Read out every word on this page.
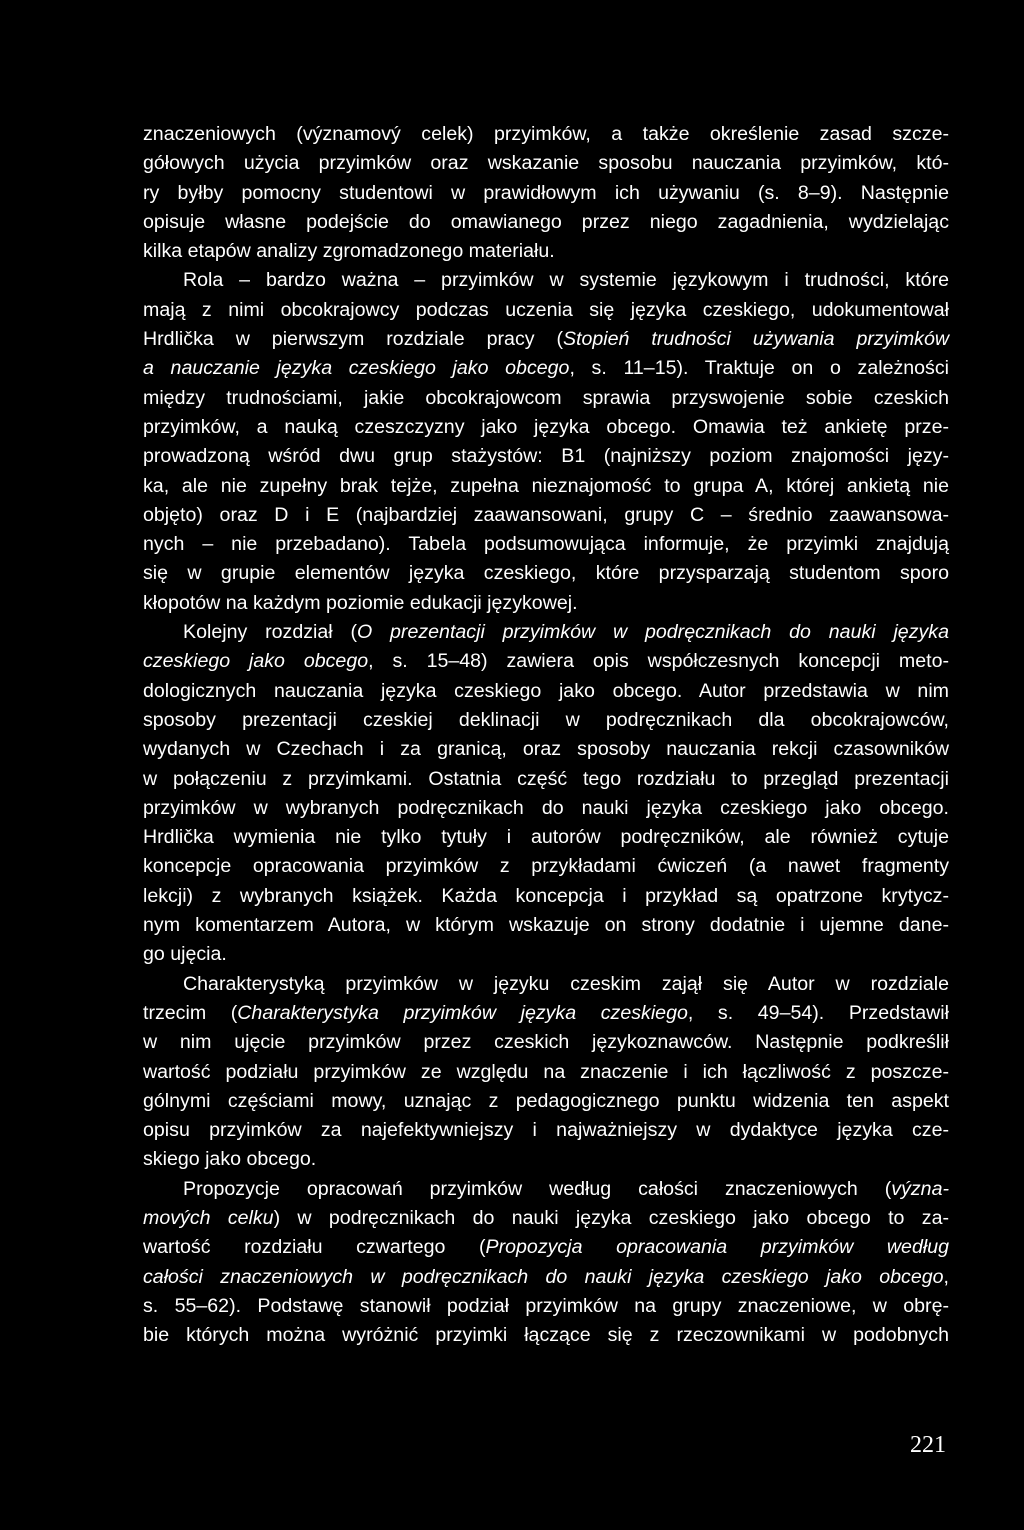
znaczeniowych (významový celek) przyimków, a także określenie zasad szcze-
gółowych użycia przyimków oraz wskazanie sposobu nauczania przyimków, któ-
ry byłby pomocny studentowi w prawidłowym ich używaniu (s. 8–9). Następnie
opisuje własne podejście do omawianego przez niego zagadnienia, wydzielając
kilka etapów analizy zgromadzonego materiału.
Rola – bardzo ważna – przyimków w systemie językowym i trudności, które
mają z nimi obcokrajowcy podczas uczenia się języka czeskiego, udokumentował
Hrdlička w pierwszym rozdziale pracy (Stopień trudności używania przyimków
a nauczanie języka czeskiego jako obcego, s. 11–15). Traktuje on o zależności
między trudnościami, jakie obcokrajowcom sprawia przyswojenie sobie czeskich
przyimków, a nauką czeszczyzny jako języka obcego. Omawia też ankietę prze-
prowadzoną wśród dwu grup stażystów: B1 (najniższy poziom znajomości języ-
ka, ale nie zupełny brak tejże, zupełna nieznajomość to grupa A, której ankietą nie
objęto) oraz D i E (najbardziej zaawansowani, grupy C – średnio zaawansowa-
nych – nie przebadano). Tabela podsumowująca informuje, że przyimki znajdują
się w grupie elementów języka czeskiego, które przysparzają studentom sporo
kłopotów na każdym poziomie edukacji językowej.
Kolejny rozdział (O prezentacji przyimków w podręcznikach do nauki języka
czeskiego jako obcego, s. 15–48) zawiera opis współczesnych koncepcji meto-
dologicznych nauczania języka czeskiego jako obcego. Autor przedstawia w nim
sposoby prezentacji czeskiej deklinacji w podręcznikach dla obcokrajowców,
wydanych w Czechach i za granicą, oraz sposoby nauczania rekcji czasowników
w połączeniu z przyimkami. Ostatnia część tego rozdziału to przegląd prezentacji
przyimków w wybranych podręcznikach do nauki języka czeskiego jako obcego.
Hrdlička wymienia nie tylko tytuły i autorów podręczników, ale również cytuje
koncepcje opracowania przyimków z przykładami ćwiczeń (a nawet fragmenty
lekcji) z wybranych książek. Każda koncepcja i przykład są opatrzone krytycz-
nym komentarzem Autora, w którym wskazuje on strony dodatnie i ujemne dane-
go ujęcia.
Charakterystyką przyimków w języku czeskim zajął się Autor w rozdziale
trzecim (Charakterystyka przyimków języka czeskiego, s. 49–54). Przedstawił
w nim ujęcie przyimków przez czeskich językoznawców. Następnie podkreślił
wartość podziału przyimków ze względu na znaczenie i ich łączliwość z poszcze-
gólnymi częściami mowy, uznając z pedagogicznego punktu widzenia ten aspekt
opisu przyimków za najefektywniejszy i najważniejszy w dydaktyce języka cze-
skiego jako obcego.
Propozycje opracowań przyimków według całości znaczeniowych (význa-
mových celku) w podręcznikach do nauki języka czeskiego jako obcego to za-
wartość rozdziału czwartego (Propozycja opracowania przyimków według
całości znaczeniowych w podręcznikach do nauki języka czeskiego jako obcego,
s. 55–62). Podstawę stanowił podział przyimków na grupy znaczeniowe, w obrę-
bie których można wyróżnić przyimki łączące się z rzeczownikami w podobnych
221
